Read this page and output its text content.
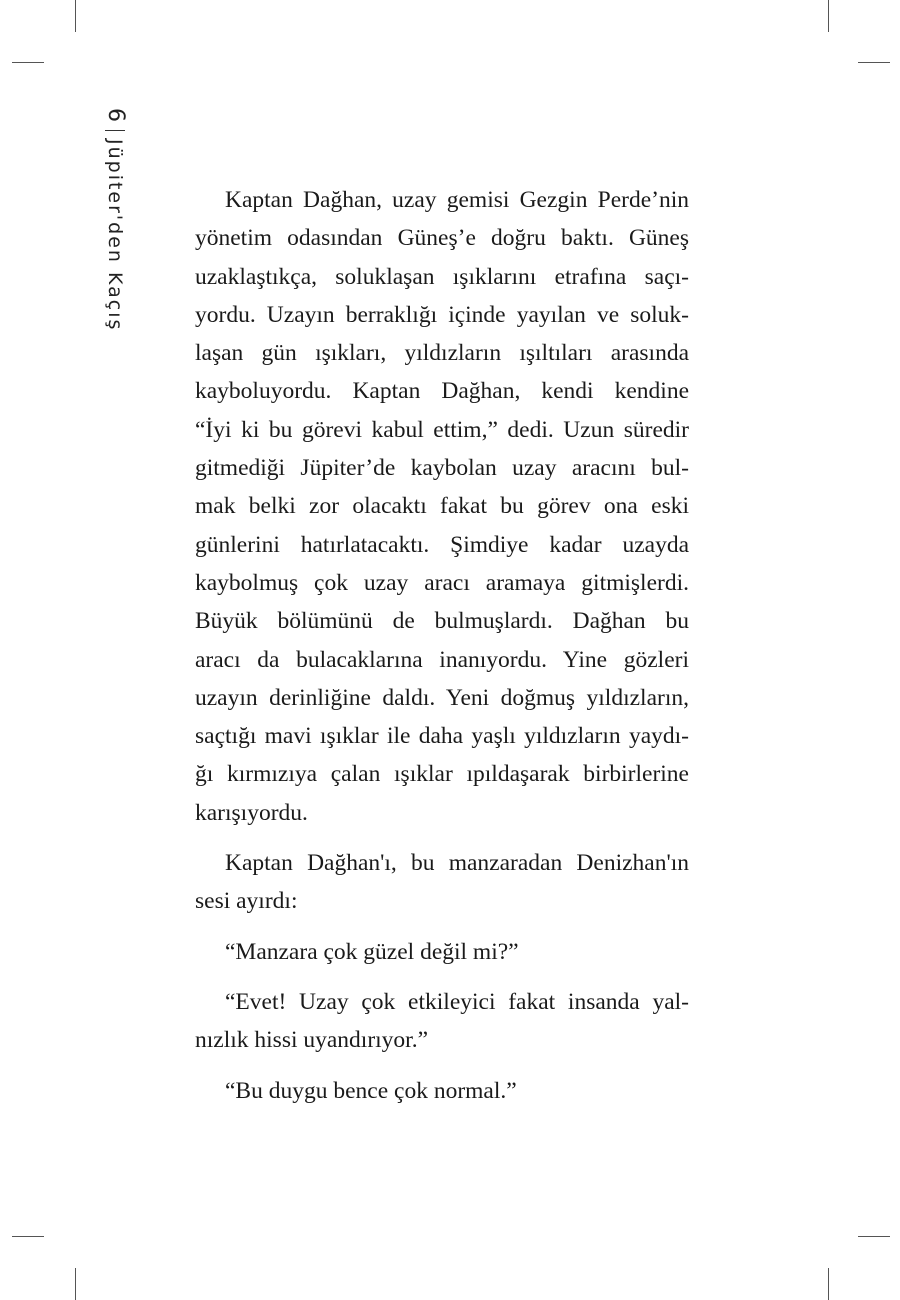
6
Jüpiter'den Kaçış	Kaptan Dağhan, uzay gemisi Gezgin Perde’nin
yönetim odasından Güneş’e doğru baktı. Güneş
uzaklaştıkça, soluklaşan ışıklarını etrafına saçı-
yordu. Uzayın berraklığı içinde yayılan ve soluk-
laşan gün ışıkları, yıldızların ışıltıları arasında
kayboluyordu. Kaptan Dağhan, kendi kendine
“İyi ki bu görevi kabul ettim,” dedi. Uzun süredir
gitmediği Jüpiter’de kaybolan uzay aracını bul-
mak belki zor olacaktı fakat bu görev ona eski
günlerini hatırlatacaktı. Şimdiye kadar uzayda
kaybolmuş çok uzay aracı aramaya gitmişlerdi.
Büyük bölümünü de bulmuşlardı. Dağhan bu
aracı da bulacaklarına inanıyordu. Yine gözleri
uzayın derinliğine daldı. Yeni doğmuş yıldızların,
saçtığı mavi ışıklar ile daha yaşlı yıldızların yaydı-
ğı kırmızıya çalan ışıklar ıpıldaşarak birbirlerine
karışıyordu.

Kaptan Dağhan'ı, bu manzaradan Denizhan'ın
sesi ayırdı:

“Manzara çok güzel değil mi?”

“Evet! Uzay çok etkileyici fakat insanda yal-
nızlık hissi uyandırıyor.”

“Bu duygu bence çok normal.”
